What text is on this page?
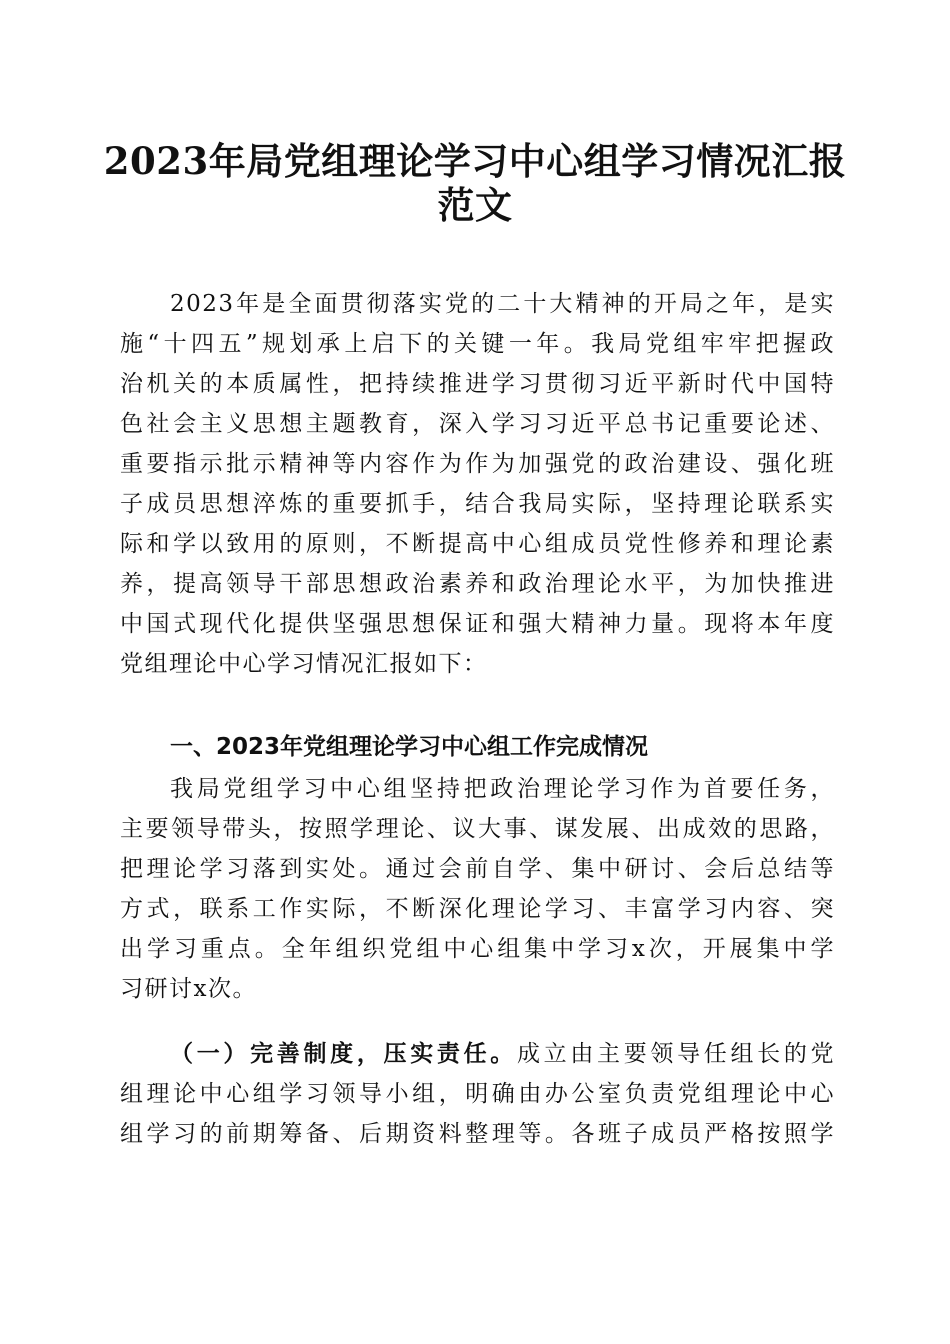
2023年局党组理论学习中心组学习情况汇报
范文
2023年是全面贯彻落实党的二十大精神的开局之年，是实
施“十四五”规划承上启下的关键一年。我局党组牢牢把握政
治机关的本质属性，把持续推进学习贯彻习近平新时代中国特
色社会主义思想主题教育，深入学习习近平总书记重要论述、
重要指示批示精神等内容作为作为加强党的政治建设、强化班
子成员思想淬炼的重要抓手，结合我局实际，坚持理论联系实
际和学以致用的原则，不断提高中心组成员党性修养和理论素
养，提高领导干部思想政治素养和政治理论水平，为加快推进
中国式现代化提供坚强思想保证和强大精神力量。现将本年度
党组理论中心学习情况汇报如下：
一、2023年党组理论学习中心组工作完成情况
我局党组学习中心组坚持把政治理论学习作为首要任务，
主要领导带头，按照学理论、议大事、谋发展、出成效的思路，
把理论学习落到实处。通过会前自学、集中研讨、会后总结等
方式，联系工作实际，不断深化理论学习、丰富学习内容、突
出学习重点。全年组织党组中心组集中学习x次，开展集中学
习研讨x次。
（一）完善制度，压实责任。成立由主要领导任组长的党
组理论中心组学习领导小组，明确由办公室负责党组理论中心
组学习的前期筹备、后期资料整理等。各班子成员严格按照学
